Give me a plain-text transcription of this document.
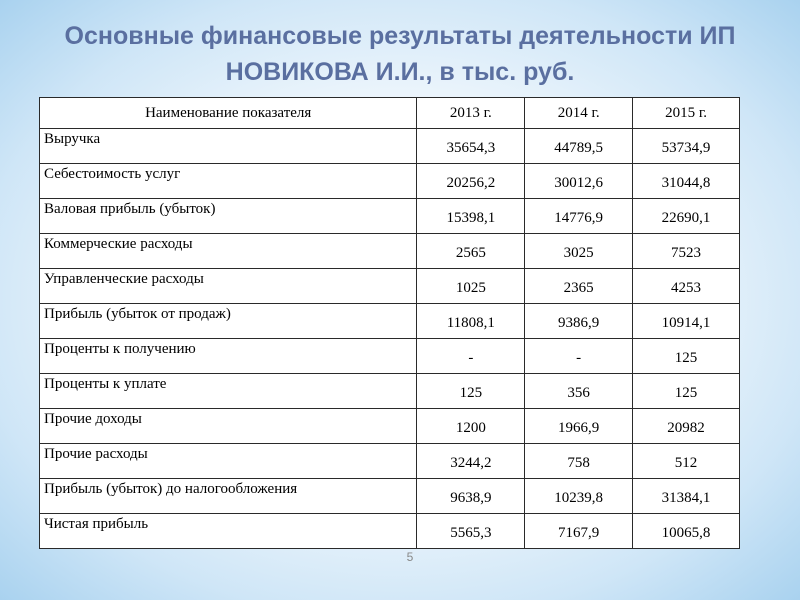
Основные финансовые результаты деятельности ИП
НОВИКОВА И.И., в тыс. руб.
Наименование показателя	2013 г.	2014 г.	2015 г.
Выручка	35654,3	44789,5	53734,9
Себестоимость услуг	20256,2	30012,6	31044,8
Валовая прибыль (убыток)	15398,1	14776,9	22690,1
Коммерческие расходы	2565	3025	7523
Управленческие расходы	1025	2365	4253
Прибыль (убыток от продаж)	11808,1	9386,9	10914,1
Проценты к получению	-	-	125
Проценты к уплате	125	356	125
Прочие доходы	1200	1966,9	20982
Прочие расходы	3244,2	758	512
Прибыль (убыток) до налогообложения	9638,9	10239,8	31384,1
Чистая прибыль	5565,3	7167,9	10065,8
5
